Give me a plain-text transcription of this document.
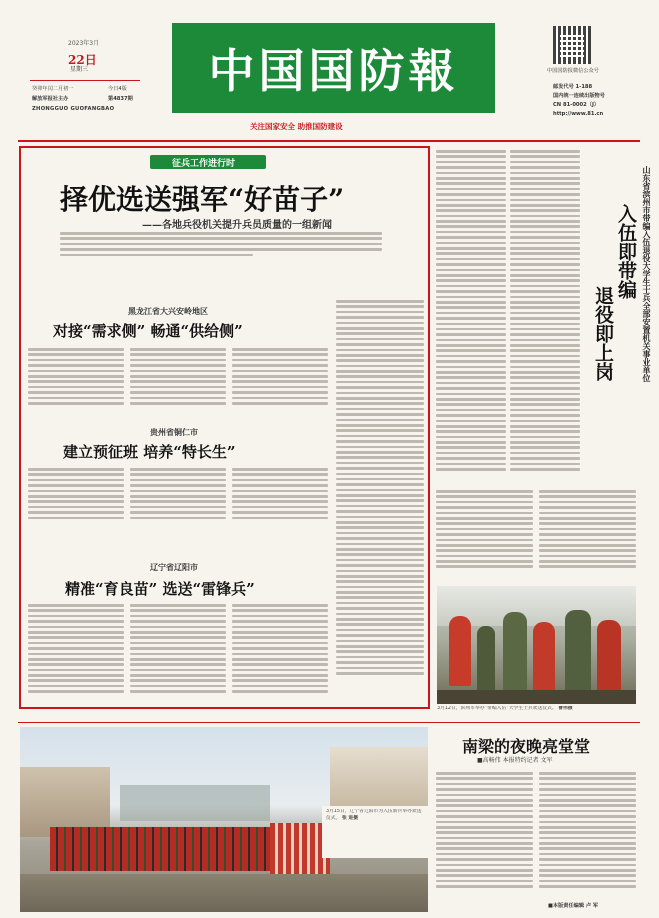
2023年3月
22日
星期三
癸卯年闰二月初一	今日4版
解放军报社主办	第4837期
ZHONGGUO GUOFANGBAO
中国国防報
关注国家安全 助推国防建设
中国国防报微信公众号
邮发代号 1-188
国内统一连续出版物号
CN 81-0002（J）
http://www.81.cn
征兵工作进行时
择优选送强军“好苗子”
——各地兵役机关提升兵员质量的一组新闻
黑龙江省大兴安岭地区
对接“需求侧” 畅通“供给侧”
贵州省铜仁市
建立预征班 培养“特长生”
辽宁省辽阳市
精准“育良苗” 选送“雷锋兵”
入伍即带编
退役即上岗	山东省滨州市带编入伍退役大学生士兵全部安置机关事业单位
3月12日，滨州市举办“带编入伍”大学生士兵欢送仪式。 曹伟摄
3月15日，辽宁省辽阳市为入伍新兵举办欢送仪式。 张 进摄
南梁的夜晚亮堂堂
■高畅伟 本报特约记者 文军
■本版责任编辑 卢 军
